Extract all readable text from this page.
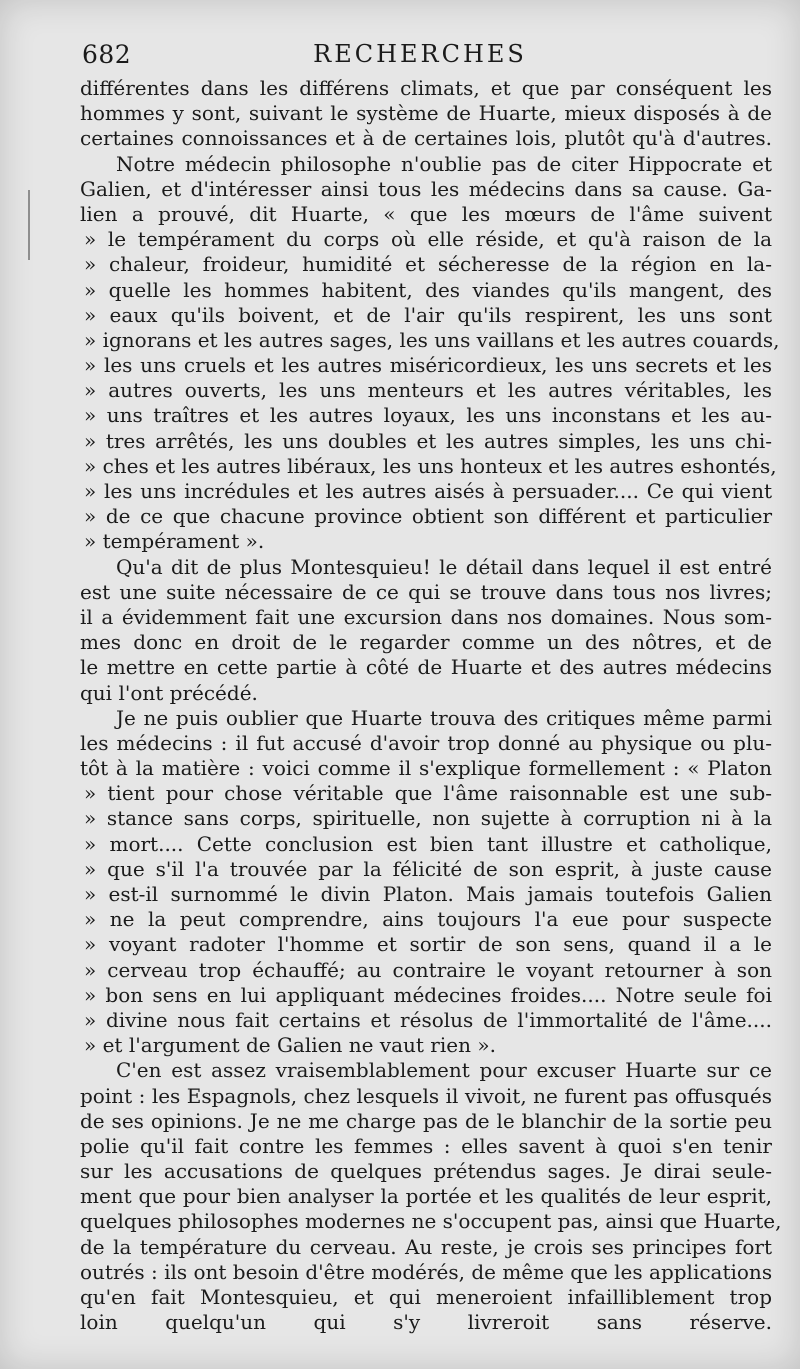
682	RECHERCHES
différentes dans les différens climats, et que par conséquent les
hommes y sont, suivant le système de Huarte, mieux disposés à de
certaines connoissances et à de certaines lois, plutôt qu'à d'autres.
Notre médecin philosophe n'oublie pas de citer Hippocrate et
Galien, et d'intéresser ainsi tous les médecins dans sa cause. Ga-
lien a prouvé, dit Huarte, « que les mœurs de l'âme suivent
» le tempérament du corps où elle réside, et qu'à raison de la
» chaleur, froideur, humidité et sécheresse de la région en la-
» quelle les hommes habitent, des viandes qu'ils mangent, des
» eaux qu'ils boivent, et de l'air qu'ils respirent, les uns sont
» ignorans et les autres sages, les uns vaillans et les autres couards,
» les uns cruels et les autres miséricordieux, les uns secrets et les
» autres ouverts, les uns menteurs et les autres véritables, les
» uns traîtres et les autres loyaux, les uns inconstans et les au-
» tres arrêtés, les uns doubles et les autres simples, les uns chi-
» ches et les autres libéraux, les uns honteux et les autres eshontés,
» les uns incrédules et les autres aisés à persuader.... Ce qui vient
» de ce que chacune province obtient son différent et particulier
» tempérament ».
Qu'a dit de plus Montesquieu! le détail dans lequel il est entré
est une suite nécessaire de ce qui se trouve dans tous nos livres;
il a évidemment fait une excursion dans nos domaines. Nous som-
mes donc en droit de le regarder comme un des nôtres, et de
le mettre en cette partie à côté de Huarte et des autres médecins
qui l'ont précédé.
Je ne puis oublier que Huarte trouva des critiques même parmi
les médecins : il fut accusé d'avoir trop donné au physique ou plu-
tôt à la matière : voici comme il s'explique formellement : « Platon
» tient pour chose véritable que l'âme raisonnable est une sub-
» stance sans corps, spirituelle, non sujette à corruption ni à la
» mort.... Cette conclusion est bien tant illustre et catholique,
» que s'il l'a trouvée par la félicité de son esprit, à juste cause
» est-il surnommé le divin Platon. Mais jamais toutefois Galien
» ne la peut comprendre, ains toujours l'a eue pour suspecte
» voyant radoter l'homme et sortir de son sens, quand il a le
» cerveau trop échauffé; au contraire le voyant retourner à son
» bon sens en lui appliquant médecines froides.... Notre seule foi
» divine nous fait certains et résolus de l'immortalité de l'âme....
» et l'argument de Galien ne vaut rien ».
C'en est assez vraisemblablement pour excuser Huarte sur ce
point : les Espagnols, chez lesquels il vivoit, ne furent pas offusqués
de ses opinions. Je ne me charge pas de le blanchir de la sortie peu
polie qu'il fait contre les femmes : elles savent à quoi s'en tenir
sur les accusations de quelques prétendus sages. Je dirai seule-
ment que pour bien analyser la portée et les qualités de leur esprit,
quelques philosophes modernes ne s'occupent pas, ainsi que Huarte,
de la température du cerveau. Au reste, je crois ses principes fort
outrés : ils ont besoin d'être modérés, de même que les applications
qu'en fait Montesquieu, et qui meneroient infailliblement trop
loin quelqu'un qui s'y livreroit sans réserve.
